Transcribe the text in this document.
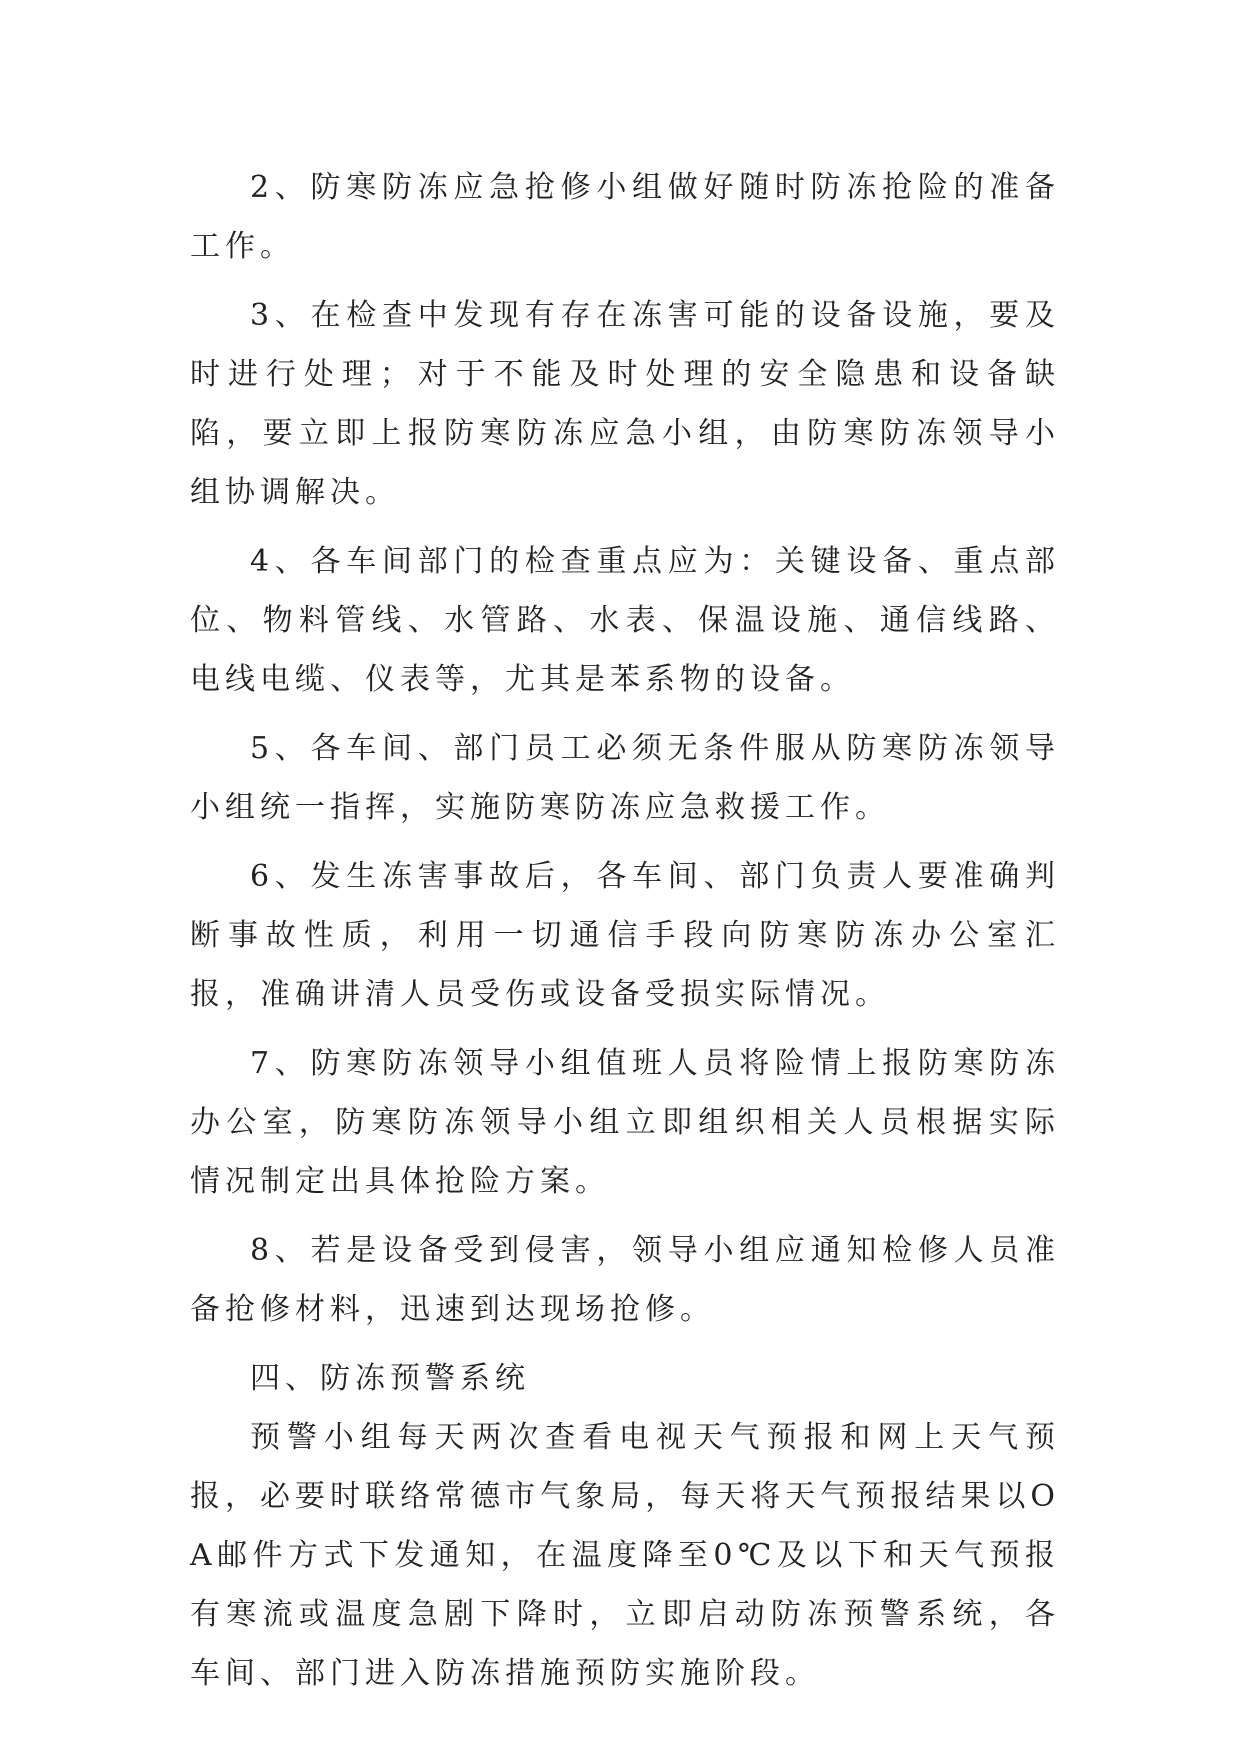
2、防寒防冻应急抢修小组做好随时防冻抢险的准备工作。

3、在检查中发现有存在冻害可能的设备设施，要及时进行处理；对于不能及时处理的安全隐患和设备缺陷，要立即上报防寒防冻应急小组，由防寒防冻领导小组协调解决。

4、各车间部门的检查重点应为：关键设备、重点部位、物料管线、水管路、水表、保温设施、通信线路、电线电缆、仪表等，尤其是苯系物的设备。

5、各车间、部门员工必须无条件服从防寒防冻领导小组统一指挥，实施防寒防冻应急救援工作。

6、发生冻害事故后，各车间、部门负责人要准确判断事故性质，利用一切通信手段向防寒防冻办公室汇报，准确讲清人员受伤或设备受损实际情况。

7、防寒防冻领导小组值班人员将险情上报防寒防冻办公室，防寒防冻领导小组立即组织相关人员根据实际情况制定出具体抢险方案。

8、若是设备受到侵害，领导小组应通知检修人员准备抢修材料，迅速到达现场抢修。

四、防冻预警系统

预警小组每天两次查看电视天气预报和网上天气预报，必要时联络常德市气象局，每天将天气预报结果以OA邮件方式下发通知，在温度降至0℃及以下和天气预报有寒流或温度急剧下降时，立即启动防冻预警系统，各车间、部门进入防冻措施预防实施阶段。
